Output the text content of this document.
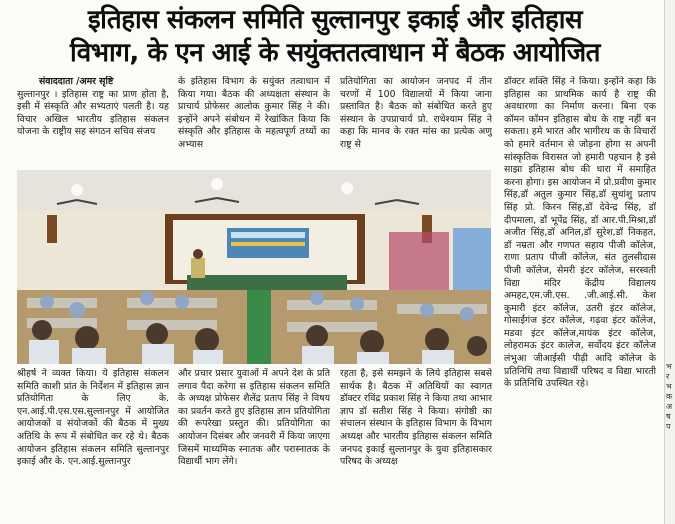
इतिहास संकलन समिति सुल्तानपुर इकाई और इतिहास
विभाग, के एन आई के सयुंक्ततत्वाधान में बैठक आयोजित
संवाददाता /अमर सृष्टि
सुल्तानपुर । इतिहास राष्ट्र का प्राण होता है, इसी में संस्कृति और सभ्यताएं पलती है। यह विचार अखिल भारतीय इतिहास संकलन योजना के राष्ट्रीय सह संगठन सचिव संजय
के इतिहास विभाग के सयुंक्त तत्वाधान में किया गया। बैठक की अध्यक्षता संस्थान के प्राचार्य प्रोफेसर आलोक कुमार सिंह ने की। इन्होंने अपने संबोधन में रेखांकित किया कि संस्कृति और इतिहास के महत्वपूर्ण तथ्यों का अभ्यास
प्रतियोगिता का आयोजन जनपद में तीन चरणों में 100 विद्यालयों में किया जाना प्रस्तावित है। बैठक को संबोधित करते हुए संस्थान के उपप्राचार्य प्रो. राधेश्याम सिंह ने कहा कि मानव के रक्त मांस का प्रत्येक अणु राष्ट्र से
डॉक्टर शक्ति सिंह ने किया। इन्होंने कहा कि इतिहास का प्राथमिक कार्य है राष्ट्र की अवधारणा का निर्माण करना। बिना एक कॉमन कॉमन इतिहास बोध के राष्ट्र नहीं बन सकता। हमे भारत और भागीरथ क के विचारों को हमारे वर्तमान से जोड़ना होगा स अपनी सांस्कृतिक विरासत जो हमारी पहचान है इसे साझा इतिहास बोध की धारा में समाहित करना होगा। इस आयोजन में प्रो.प्रवीण कुमार सिंह,डॉ अतुल कुमार सिंह,डॉ सुधांशु प्रताप सिंह प्रो. किरन सिंह,डॉ देवेन्द्र सिंह, डॉ दीपमाला, डॉ भूपेंद्र सिंह, डॉ आर.पी.मिश्रा,डॉ अजीत सिंह,डॉ अनिल,डॉ सुरेश,डॉ निकहत, डॉ नम्रता और गणपत सहाय पीजी कॉलेज, राणा प्रताप पीजी कॉलेज, संत तुलसीदास पीजी कॉलेज, सेमरी इंटर कॉलेज, सरस्वती विद्या मंदिर केंद्रीय विद्यालय अमहट,एम.जी.एस. .जी.आई.सी. केश कुमारी इंटर कॉलेज, उतरी इंटर कॉलेज, गोसाईंगंज इंटर कॉलेज, गढ़वा इंटर कॉलेज, मडवा इंटर कॉलेज,मायंक इंटर कॉलेज, लोहरामऊ इंटर कालेज, सर्वोदय इंटर कॉलेज लंभुआ जीआईसी पीढ़ी आदि कॉलेज के प्रतिनिधि तथा विद्यार्थी परिषद व विद्या भारती के प्रतिनिधि उपस्थित रहे।
श्रीहर्ष ने व्यक्त किया। ये इतिहास संकलन समिति काशी प्रांत के निर्देशन में इतिहास ज्ञान प्रतियोगिता के लिए के. एन.आई.पी.एस.एस.सुल्तानपुर में आयोजित आयोजकों व संयोजकों की बैठक में मुख्य अतिथि के रूप में संबोधित कर रहे थे। बैठक आयोजन इतिहास संकलन समिति सुल्तानपुर इकाई और के. एन.आई.सुल्तानपुर
और प्रचार प्रसार युवाओं में अपने देश के प्रति लगाव पैदा करेगा स इतिहास संकलन समिति के अध्यक्ष प्रोफेसर शैलेंद्र प्रताप सिंह ने विषय का प्रवर्तन करते हुए इतिहास ज्ञान प्रतियोगिता की रूपरेखा प्रस्तुत की। प्रतियोगिता का आयोजन दिसंबर और जनवरी में किया जाएगा जिसमें माध्यमिक स्नातक और परास्नातक के विद्यार्थी भाग लेंगे।
रहता है, इसे समझने के लिये इतिहास सबसे सार्थक है। बैठक में अतिथियों का स्वागत डॉक्टर रविंद्र प्रकाश सिंह ने किया तथा आभार ज्ञाप डॉ सतीश सिंह ने किया। संगोष्ठी का संचालन संस्थान के इतिहास विभाग के विभाग अध्यक्ष और भारतीय इतिहास संकलन समिति जनपद इकाई सुल्तानपुर के युवा इतिहासकार परिषद के अध्यक्ष
भ र भ क अ ष प
